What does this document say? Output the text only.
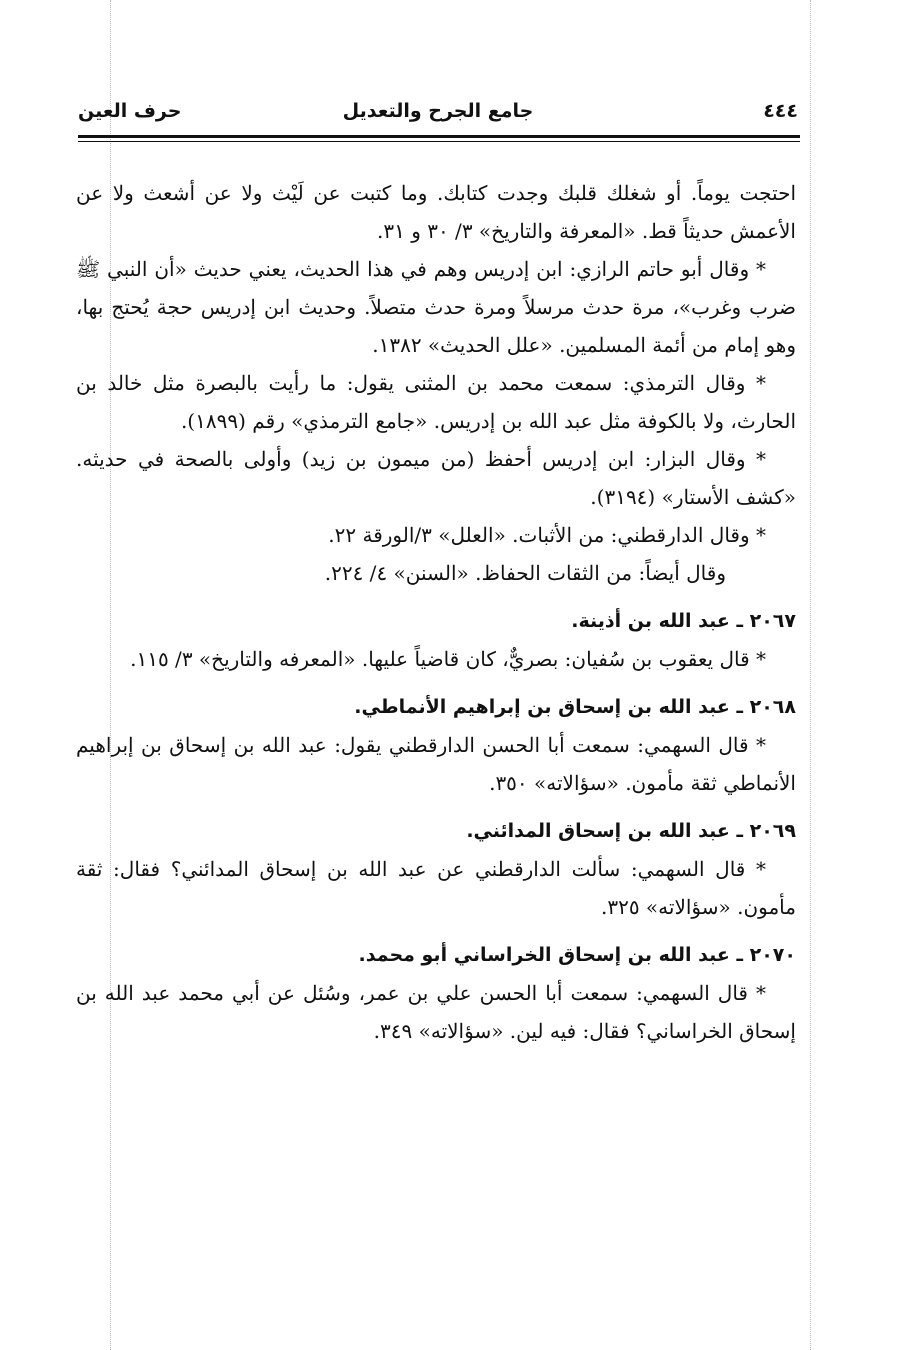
٤٤٤
جامع الجرح والتعديل
حرف العين

احتجت يوماً. أو شغلك قلبك وجدت كتابك. وما كتبت عن لَيْث ولا عن أشعث ولا عن الأعمش حديثاً قط. «المعرفة والتاريخ» ٣/ ٣٠ و ٣١.

* وقال أبو حاتم الرازي: ابن إدريس وهم في هذا الحديث، يعني حديث «أن النبي ﷺ ضرب وغرب»، مرة حدث مرسلاً ومرة حدث متصلاً. وحديث ابن إدريس حجة يُحتج بها، وهو إمام من أئمة المسلمين. «علل الحديث» ١٣٨٢.

* وقال الترمذي: سمعت محمد بن المثنى يقول: ما رأيت بالبصرة مثل خالد بن الحارث، ولا بالكوفة مثل عبد الله بن إدريس. «جامع الترمذي» رقم (١٨٩٩).

* وقال البزار: ابن إدريس أحفظ (من ميمون بن زيد) وأولى بالصحة في حديثه. «كشف الأستار» (٣١٩٤).

* وقال الدارقطني: من الأثبات. «العلل» ٣/الورقة ٢٢.

وقال أيضاً: من الثقات الحفاظ. «السنن» ٤/ ٢٢٤.

٢٠٦٧ ـ عبد الله بن أذينة.

* قال يعقوب بن سُفيان: بصريٌّ، كان قاضياً عليها. «المعرفه والتاريخ» ٣/ ١١٥.

٢٠٦٨ ـ عبد الله بن إسحاق بن إبراهيم الأنماطي.

* قال السهمي: سمعت أبا الحسن الدارقطني يقول: عبد الله بن إسحاق بن إبراهيم الأنماطي ثقة مأمون. «سؤالاته» ٣٥٠.

٢٠٦٩ ـ عبد الله بن إسحاق المدائني.

* قال السهمي: سألت الدارقطني عن عبد الله بن إسحاق المدائني؟ فقال: ثقة مأمون. «سؤالاته» ٣٢٥.

٢٠٧٠ ـ عبد الله بن إسحاق الخراساني أبو محمد.

* قال السهمي: سمعت أبا الحسن علي بن عمر، وسُئل عن أبي محمد عبد الله بن إسحاق الخراساني؟ فقال: فيه لين. «سؤالاته» ٣٤٩.
